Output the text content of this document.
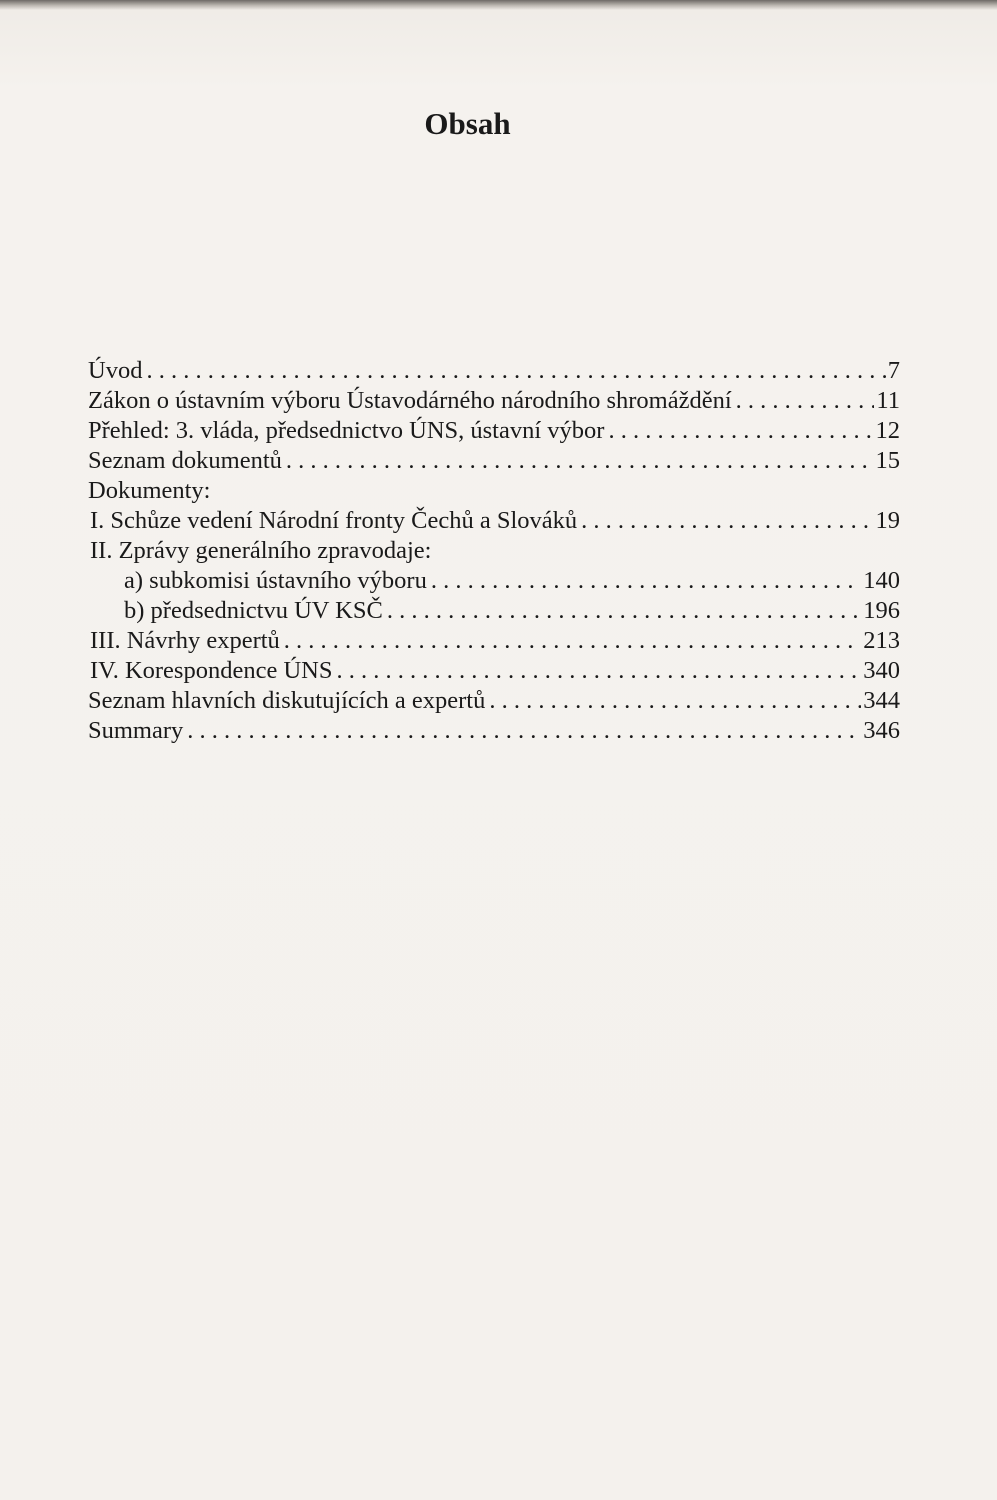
Obsah
Úvod . . .	7
Zákon o ústavním výboru Ústavodárného národního shromáždění . . .	11
Přehled: 3. vláda, předsednictvo ÚNS, ústavní výbor . . .	12
Seznam dokumentů . . .	15
Dokumenty:
I. Schůze vedení Národní fronty Čechů a Slováků . . .	19
II. Zprávy generálního zpravodaje:
a) subkomisi ústavního výboru . . .	140
b) předsednictvu ÚV KSČ . . .	196
III. Návrhy expertů . . .	213
IV. Korespondence ÚNS . . .	340
Seznam hlavních diskutujících a expertů . . .	344
Summary . . .	346
